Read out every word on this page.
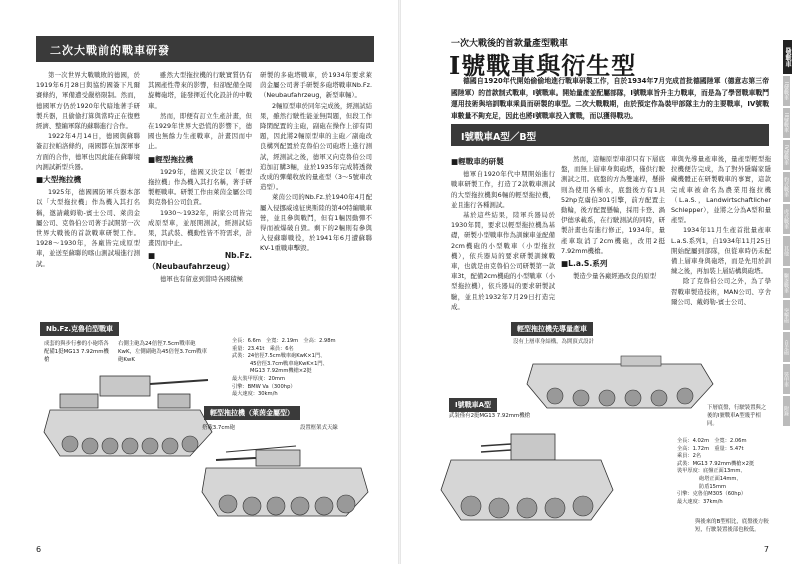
二次大戰前的戰車研發

第一次世界大戰戰敗的德國，於1919年6月28日與協約國簽下凡爾賽條約，軍備遭受嚴格限制。然而，德國軍方仍於1920年代暗地著手研製兵器，且偷偷打算與當時正在復甦經濟、整編軍隊的蘇聯進行合作。

1922年4月14日，德國與蘇聯簽訂拉帕洛條約，兩國都在加深軍事方面的合作，德軍也因此能在蘇聯境內測試新型兵器。

■大型拖拉機

1925年，德國國防軍兵器本部以「大型拖拉機」作為機入其打名稱，邀請戴姆勒-賓士公司、萊茵金屬公司、克魯伯公司著手試開第一次世界大戰後的首款戰車研製工作。1928～1930年，各廠皆完成原型車，並送至蘇聯的喀山測試場進行測試。

雖然大型拖拉機的行駛實質仍有其國產性帶來的影響，但卻配備全周旋轉砲塔，能發揮近代化設計的中戰車。

然而，即便有訂立生產計畫，但在1929年世界大恐慌的影響下，德國也無餘力生產戰車，計畫因而中止。

■輕型拖拉機

1929年，德國又決定以「輕型拖拉機」作為機入其打名稱，著手研製輕戰車。研製工作由萊茵金屬公司與克魯伯公司負責。

1930～1932年，兩家公司皆完成原型車，並展開測試，經測試結果，其武裝、機動性皆不符需求，計畫因而中止。

■Nb.Fz.（Neubaufahrzeug）

德軍也有留意到當時各國積極

研製的多砲塔戰車，於1934年要求萊茵金屬公司著手研製多砲塔戰車Nb.Fz.（Neubaufahrzeug，新型車輛）。

2輛原型車於同年完成後，經測試結果，雖然行駛性能並無問題，但段工作降閑配置的主砲，副砲在操作上卻有問題，因此將2輛原型車的主砲／副砲改良構列配置於克魯伯公司砲塔上進行測試，經測試之後，德軍又向克魯伯公司追加訂購3輛，並於1935年完成將透微改成的彈藥收放的量產型（3～5號車改造型）。

萊茵公司的Nb.Fz.於1940年4月配屬入侵挪威遠征奧斯陸的第40特編戰車營，並且參與戰鬥，但有1輛因動彈不得而被爆破自毀。剩下的2輛則有參與入侵蘇聯戰役，於1941年6月遭蘇聯KV-1重戰車擊毀。

Nb.Fz.克魯伯型戰車
成套的與步行參的小砲塔各配備1挺MG13 7.92mm機槍
右側主砲為24倍徑7.5cm戰車砲KwK，左側副砲為45倍徑3.7cm戰車砲KwK
全長：6.6m　全寬：2.19m　全高：2.98m
重量：23.41t　乘員：6名
武裝：24倍徑7.5cm戰車砲KwK×1門、
45倍徑3.7cm戰車砲KwK×1門、
MG13 7.92mm機槍×2挺
最大裝甲厚度：20mm
引擎：BMW Va（300hp）
最大速度：30km/h
輕型拖拉機（萊茵金屬型）
搭載3.7cm砲	設置框架式天線
6
一次大戰後的首款量產型戰車
I號戰車與衍生型
德國自1920年代開始偷偷地進行戰車研製工作，自於1934年7月完成首批德國陸軍（德意志第三帝國陸軍）的首款制式戰車，I號戰車。開始量產並配屬部隊，I號戰車旨升主力戰車，而是為了學習戰車戰鬥運用技術與培訓戰車乘員而研製的車型。二次大戰戰期，由於預定作為裝甲部隊主力的主要戰車，IV號戰車數量不夠充足，因此也將I號戰車投入實戰，而以獲得戰功。
I號戰車A型／B型
■輕戰車的研製

德軍自1920年代中期開始進行戰車研製工作，打造了2款戰車測試的大型拖拉機與6輛的輕型拖拉機，並且進行各種測試。

基於這些結果，陸軍兵器局於1930年間，要求以輕型拖拉機為基礎，研製小型戰車作為訓練車並配備2cm機砲的小型戰車（小型拖拉機），依兵器局的要求研製訓練戰車，也就是由克魯伯公司研製第一款車3t，配備2cm機砲的小型戰車（小型拖拉機），依兵器局的要求研製試驗，並且於1932年7月29日打造完成。

然而，這輛原型車卻只有下層底盤，而無上層車身與砲塔，僅供行駛測試之用。底盤的方為雙連桿，懸掛則為使用各種水，底盤後方有1具52hp克虜伯301引擎，前方配置主動輪，後方配置懸輪，採用卡登、渦伊德承載系，在行駛測試的同時，研製計畫也有進行修正，1934年，量產車取消了2cm機砲，改用2挺7.92mm機槍。

■L.a.S.系列

製造少量各廠經過改良的原型

車與先導量產車後，量產型輕型拖拉機便告完成，為了對外隱瞞家隱藏機體正在研製戰車的事實，這款完成車被命名為農業用拖拉機（L.a.S.，Landwirtschaftlicher Schlepper），並將之分為A型和量產型。

1934年11月生產首批量產車L.a.S.系列1，自1934年11月25日開始配屬到部隊，但從車時仍未配備上層車身與砲塔，而是先用於訓練之後，再加裝上層結構與砲塔。

除了克魯伯公司之外，為了學習戰車製造技術，MAN公司、亨舍爾公司、戴姆勒-賓士公司、

輕型拖拉機先導量產車
沒有上層車身結構，為開頂式設計
I號戰車A型
武裝僅有2挺MG13 7.92mm機槍
下層底盤，行駛裝置與之後的I號戰車A型幾乎相同。
全長：4.02m　全寬：2.06m
全高：1.72m　重量：5.47t
乘員：2名
武裝：MG13 7.92mm機槍×2挺
裝甲厚度：底盤正面13mm、
砲塔正面14mm、
防盾15mm
引擎：克魯伯M305（60hp）
最大速度：37km/h
與後來的B型相比，底盤後方較短，行駛裝置後部也較低。
7
I號戰車
II號戰車
III號戰車
IV號戰車
豹式戰車
虎式戰車
其他
驅逐戰車
突擊砲
自走砲
裝甲車
附錄
